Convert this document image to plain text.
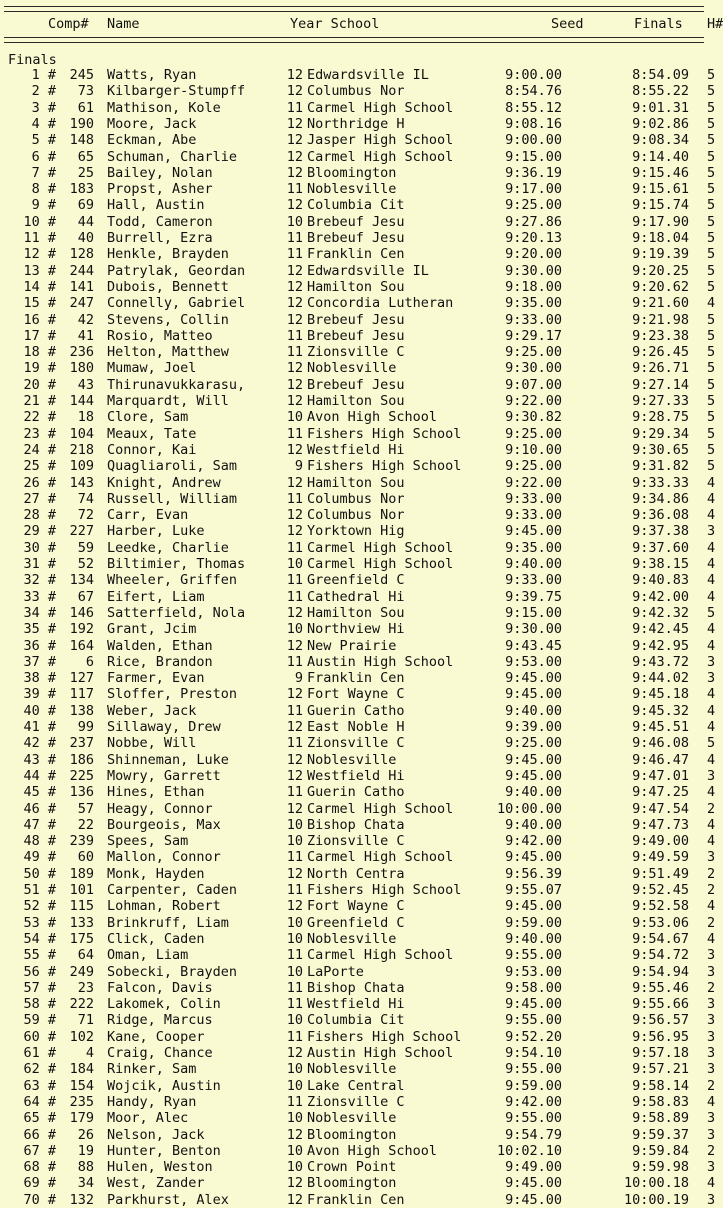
Comp# Name	Year School	Seed	Finals H#
Finals
1 #	245 Watts, Ryan	12 Edwardsville IL	9:00.00	8:54.09 5
2 #	73 Kilbarger-Stumpff	12 Columbus Nor	8:54.76	8:55.22 5
3 #	61 Mathison, Kole	11 Carmel High School	8:55.12	9:01.31 5
4 #	190 Moore, Jack	12 Northridge H	9:08.16	9:02.86 5
5 #	148 Eckman, Abe	12 Jasper High School	9:00.00	9:08.34 5
6 #	65 Schuman, Charlie	12 Carmel High School	9:15.00	9:14.40 5
7 #	25 Bailey, Nolan	12 Bloomington	9:36.19	9:15.46 5
8 #	183 Propst, Asher	11 Noblesville	9:17.00	9:15.61 5
9 #	69 Hall, Austin	12 Columbia Cit	9:25.00	9:15.74 5
10 #	44 Todd, Cameron	10 Brebeuf Jesu	9:27.86	9:17.90 5
11 #	40 Burrell, Ezra	11 Brebeuf Jesu	9:20.13	9:18.04 5
12 #	128 Henkle, Brayden	11 Franklin Cen	9:20.00	9:19.39 5
13 #	244 Patrylak, Geordan	12 Edwardsville IL	9:30.00	9:20.25 5
14 #	141 Dubois, Bennett	12 Hamilton Sou	9:18.00	9:20.62 5
15 #	247 Connelly, Gabriel	12 Concordia Lutheran	9:35.00	9:21.60 4
16 #	42 Stevens, Collin	12 Brebeuf Jesu	9:33.00	9:21.98 5
17 #	41 Rosio, Matteo	11 Brebeuf Jesu	9:29.17	9:23.38 5
18 #	236 Helton, Matthew	11 Zionsville C	9:25.00	9:26.45 5
19 #	180 Mumaw, Joel	12 Noblesville	9:30.00	9:26.71 5
20 #	43 Thirunavukkarasu,	12 Brebeuf Jesu	9:07.00	9:27.14 5
21 #	144 Marquardt, Will	12 Hamilton Sou	9:22.00	9:27.33 5
22 #	18 Clore, Sam	10 Avon High School	9:30.82	9:28.75 5
23 #	104 Meaux, Tate	11 Fishers High School	9:25.00	9:29.34 5
24 #	218 Connor, Kai	12 Westfield Hi	9:10.00	9:30.65 5
25 #	109 Quagliaroli, Sam	9 Fishers High School	9:25.00	9:31.82 5
26 #	143 Knight, Andrew	12 Hamilton Sou	9:22.00	9:33.33 4
27 #	74 Russell, William	11 Columbus Nor	9:33.00	9:34.86 4
28 #	72 Carr, Evan	12 Columbus Nor	9:33.00	9:36.08 4
29 #	227 Harber, Luke	12 Yorktown Hig	9:45.00	9:37.38 3
30 #	59 Leedke, Charlie	11 Carmel High School	9:35.00	9:37.60 4
31 #	52 Biltimier, Thomas	10 Carmel High School	9:40.00	9:38.15 4
32 #	134 Wheeler, Griffen	11 Greenfield C	9:33.00	9:40.83 4
33 #	67 Eifert, Liam	11 Cathedral Hi	9:39.75	9:42.00 4
34 #	146 Satterfield, Nola	12 Hamilton Sou	9:15.00	9:42.32 5
35 #	192 Grant, Jcim	10 Northview Hi	9:30.00	9:42.45 4
36 #	164 Walden, Ethan	12 New Prairie	9:43.45	9:42.95 4
37 #	6 Rice, Brandon	11 Austin High School	9:53.00	9:43.72 3
38 #	127 Farmer, Evan	9 Franklin Cen	9:45.00	9:44.02 3
39 #	117 Sloffer, Preston	12 Fort Wayne C	9:45.00	9:45.18 4
40 #	138 Weber, Jack	11 Guerin Catho	9:40.00	9:45.32 4
41 #	99 Sillaway, Drew	12 East Noble H	9:39.00	9:45.51 4
42 #	237 Nobbe, Will	11 Zionsville C	9:25.00	9:46.08 5
43 #	186 Shinneman, Luke	12 Noblesville	9:45.00	9:46.47 4
44 #	225 Mowry, Garrett	12 Westfield Hi	9:45.00	9:47.01 3
45 #	136 Hines, Ethan	11 Guerin Catho	9:40.00	9:47.25 4
46 #	57 Heagy, Connor	12 Carmel High School	10:00.00	9:47.54 2
47 #	22 Bourgeois, Max	10 Bishop Chata	9:40.00	9:47.73 4
48 #	239 Spees, Sam	10 Zionsville C	9:42.00	9:49.00 4
49 #	60 Mallon, Connor	11 Carmel High School	9:45.00	9:49.59 3
50 #	189 Monk, Hayden	12 North Centra	9:56.39	9:51.49 2
51 #	101 Carpenter, Caden	11 Fishers High School	9:55.07	9:52.45 2
52 #	115 Lohman, Robert	12 Fort Wayne C	9:45.00	9:52.58 4
53 #	133 Brinkruff, Liam	10 Greenfield C	9:59.00	9:53.06 2
54 #	175 Click, Caden	10 Noblesville	9:40.00	9:54.67 4
55 #	64 Oman, Liam	11 Carmel High School	9:55.00	9:54.72 3
56 #	249 Sobecki, Brayden	10 LaPorte	9:53.00	9:54.94 3
57 #	23 Falcon, Davis	11 Bishop Chata	9:58.00	9:55.46 2
58 #	222 Lakomek, Colin	11 Westfield Hi	9:45.00	9:55.66 3
59 #	71 Ridge, Marcus	10 Columbia Cit	9:55.00	9:56.57 3
60 #	102 Kane, Cooper	11 Fishers High School	9:52.20	9:56.95 3
61 #	4 Craig, Chance	12 Austin High School	9:54.10	9:57.18 3
62 #	184 Rinker, Sam	10 Noblesville	9:55.00	9:57.21 3
63 #	154 Wojcik, Austin	10 Lake Central	9:59.00	9:58.14 2
64 #	235 Handy, Ryan	11 Zionsville C	9:42.00	9:58.83 4
65 #	179 Moor, Alec	10 Noblesville	9:55.00	9:58.89 3
66 #	26 Nelson, Jack	12 Bloomington	9:54.79	9:59.37 3
67 #	19 Hunter, Benton	10 Avon High School	10:02.10	9:59.84 2
68 #	88 Hulen, Weston	10 Crown Point	9:49.00	9:59.98 3
69 #	34 West, Zander	12 Bloomington	9:45.00	10:00.18 4
70 #	132 Parkhurst, Alex	12 Franklin Cen	9:45.00	10:00.19 3
